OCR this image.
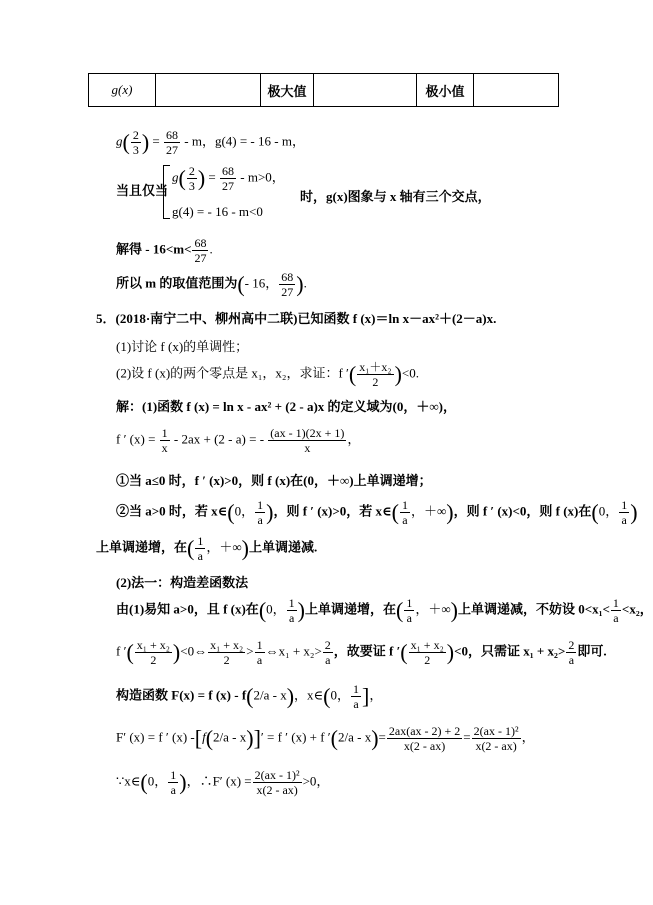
g(x)		极大值		极小值	
$g( \frac{2}{3}$ ) = $\frac{68}{27}$ - m，g(4) = - 16 - m，
当且仅当
$g( \frac{2}{3}$ ) = $\frac{68}{27} - m>0$，
g(4) = - 16 - m<0
时，g(x)图象与 x 轴有三个交点，
解得 - $16<m< \frac{68}{27}$ .
所以 m 的取值范围为(- 16， $\frac{68}{27}$ ).
5．(2018·南宁二中、柳州高中二联)已知函数 f (x)＝ln x－ax²＋(2－a)x.
(1)讨论 f (x)的单调性；
(2)设 f (x)的两个零点是 x₁，x₂，求证：f ′( $\frac{\text{x₁＋x₂}}{2} )<0$.
解：(1)函数 f (x) = ln x - ax² + (2 - a)x 的定义域为(0，＋∞)，
f ′ $(x) = \frac{1}{x} - 2ax + (2 - a)$ = - $\frac{(ax - 1)(2x + 1)}{x}$ ，
①当 a≤0 时，f ′ (x)>0，则 f (x)在(0，＋∞)上单调递增；
②当 a>0 时，若 x∈(0， $\frac{1}{a}$ )，则 f ′ (x)>0，若 x∈( $\frac{1}{a}$ ，＋∞)，则 f ′ (x)<0，则 f (x)在(0， $\frac{1}{a}$ )
上单调递增，在( $\frac{1}{a}$ ，＋∞)上单调递减.
(2)法一：构造差函数法
由(1)易知 a>0，且 f (x)在(0， $\frac{1}{a}$ )上单调递增，在( $\frac{1}{a}$ ，＋∞)上单调递减，不妨设 $0<x_1< \frac{1}{a} <x_2$，
f ′( $\frac{\text{x₁ + x₂}}{2}$ )<0⇔ $\frac{\text{x₁ + x₂}}{2} > \frac{1}{a}$ ⇔x₁ + $x_2> \frac{2}{a}$ ，故要证 f ′( $\frac{\text{x₁ + x₂}}{2} )<0$，只需证 $x_1 + x_2> \frac{2}{a}$ 即可.
构造函数 F(x) = f (x) - f(2/a - x)，x∈(0， $\frac{1}{a}$ ]，
F′ (x) = f ′ (x) -[f(2/a - x)]′ = f ′ (x) + f $'(2/a - x)= \frac{2ax(ax - 2) + 2}{x(2 - ax)} = \frac{\text{2(ax - 1)²}}{x(2 - ax)}$ ，
∵x∈(0， $\frac{1}{a}$ )，∴F′ $(x) = \frac{\text{2(ax - 1)²}}{x(2 - ax)} >0$，
